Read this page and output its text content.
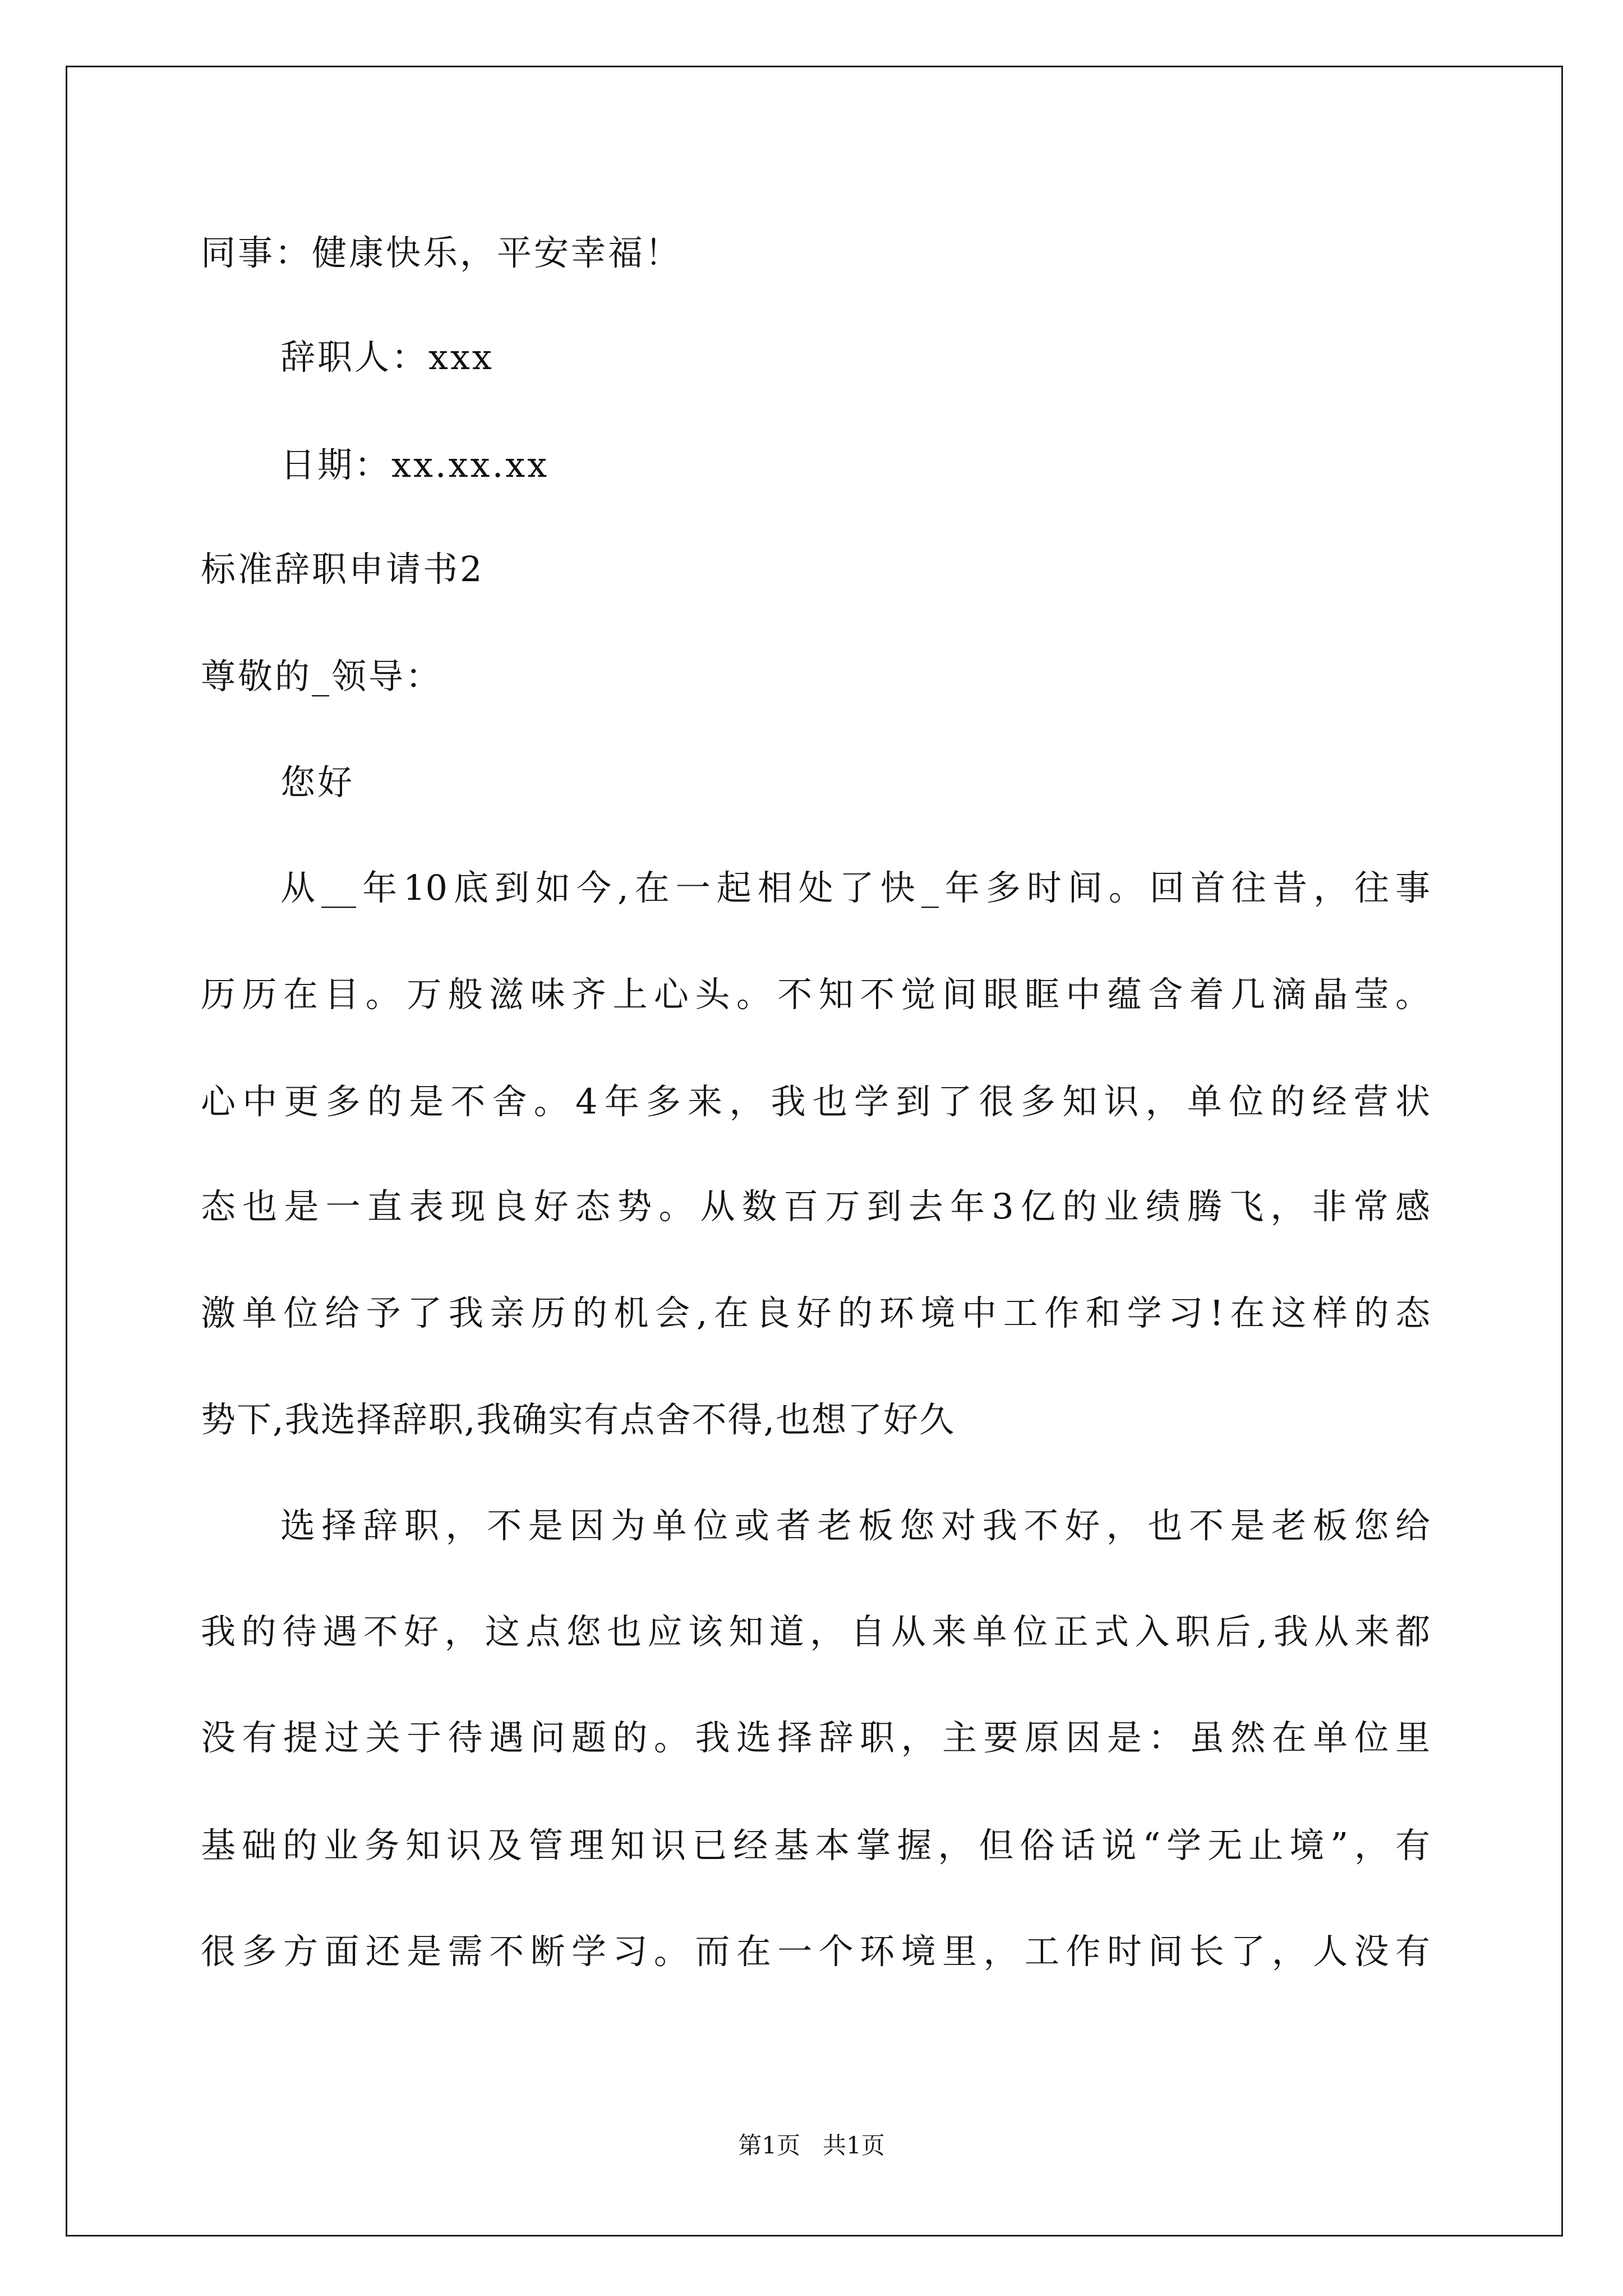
同事：健康快乐，平安幸福！
辞职人：xxx
日期：xx.xx.xx
标准辞职申请书2
尊敬的_领导：
您好
从__年10底到如今,在一起相处了快_年多时间。回首往昔，往事
历历在目。万般滋味齐上心头。不知不觉间眼眶中蕴含着几滴晶莹。
心中更多的是不舍。4年多来，我也学到了很多知识，单位的经营状
态也是一直表现良好态势。从数百万到去年3亿的业绩腾飞，非常感
激单位给予了我亲历的机会,在良好的环境中工作和学习!在这样的态
势下,我选择辞职,我确实有点舍不得,也想了好久
选择辞职，不是因为单位或者老板您对我不好，也不是老板您给
我的待遇不好，这点您也应该知道，自从来单位正式入职后,我从来都
没有提过关于待遇问题的。我选择辞职，主要原因是：虽然在单位里
基础的业务知识及管理知识已经基本掌握，但俗话说“学无止境”，有
很多方面还是需不断学习。而在一个环境里，工作时间长了，人没有
第1页   共1页
